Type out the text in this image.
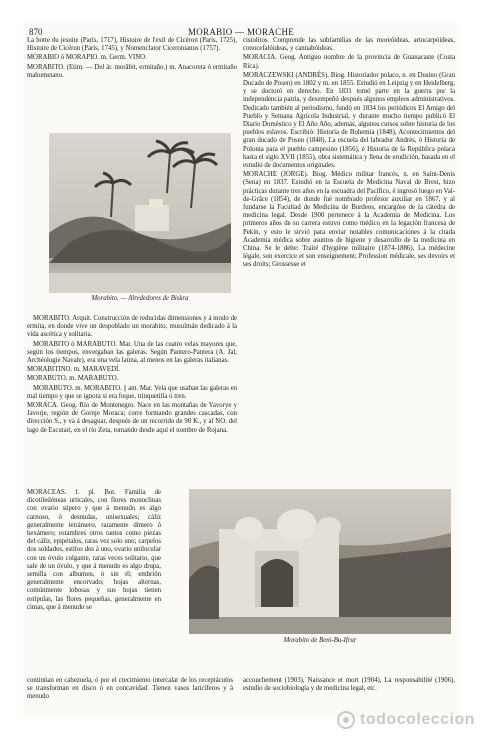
870	MORABIO — MORACHE

La botte du jesuite (París, 1717), Histoire de l'exil de Cicéron (París, 1725), Histoire de Cicéron (París, 1745), y Nomenclator Ciceronianus (1757).

MORABIO ó MORAPIO. m. Germ. VINO.

MORABITO. (Etim. — Del ár. morâbit, ermitaño.) m. Anacoreta ó ermitaño mahometano.

Morabito. — Alrededores de Biskra

MORABITO. Arquit. Construcción de reducidas dimensiones y á modo de ermita, en donde vive un despoblado un morabito, musulmán dedicado á la vida ascética y solitaria.

MORABITO ó MARABUTO. Mar. Una de las cuatro velas mayores que, según los tiempos, envergaban las galeras. Según Pantero-Pantera (A. Jal, Archéologie Navale), era una vela latina, al menos en las galeras italianas.

MORABITINO. m. MARAVEDÍ.

MORABUTO. m. MARABUTO.

MORABUTO. m. MORABITO. || ant. Mar. Vela que usaban las galeras en mal tiempo y que se ignora si era foque, trinquetilla ó tren.

MORACA. Geog. Río de Montenegro. Nace en las montañas de Yavorye y Javorje, región de Gornje Moraca; corre formando grandes cascadas, con dirección S., y va á desaguar, después de un recorrido de 90 K., y al NO. del lago de Escutari, en el río Zeta, tomando desde aquí el nombre de Rojana.

MORÁCEAS. f. pl. Bot. Familia de dicotiledóneas urticales, con flores monoclinas con ovario súpero y que á menudo es algo carnoso, ó desnudas, unisexuales; cáliz generalmente tetrámero, raramente dímero ó hexámero; estambres otros tantos como piezas del cáliz, epipétalos, raras vez solo uno; carpelos dos soldados, estilos dos á uno, ovario unilocular con un óvulo colgante, raras veces solitario, que sale de un óvulo, y que á menudo es algo drupa, semilla con albumen, ó sin él; embrión generalmente encorvado; hojas alternas, comúnmente lobosas y sus hojas tienen estípulas, las flores pequeñas, generalmente en cimas, que á menudo se

cistolitos. Comprende las subfamilias de las moreóideas, artocarpóideas, conocefalóideas, y cannabóideas.

MORACIA. Geog. Antiguo nombre de la provincia de Guanacaste (Costa Rica).

MORACZEWSKI (ANDRÉS). Biog. Historiador polaco, n. en Dusino (Gran Ducado de Posen) en 1802 y m. en 1855. Estudió en Leipzig y en Heidelberg, y se doctoró en derecho. En 1831 tomó parte en la guerra por la independencia patria, y desempeñó después algunos empleos administrativos. Dedicado también al periodismo, fundó en 1834 los periódicos El Amigo del Pueblo y Semana Agrícola Industrial, y durante mucho tiempo publicó El Diario Doméstico y El Año Año, además, algunos cursos sobre historia de los pueblos eslavos. Escribió: Historia de Bohemia (1848), Acontecimientos del gran ducado de Posen (1848), La escuela del labrador Andrés, ó Historia de Polonia para el pueblo campesino (1856), é Historia de la República polaca hasta el siglo XVII (1855), obra sistemática y llena de erudición, basada en el estudio de documentos originales.

MORACHE (JORGE). Biog. Médico militar francés, n. en Saint-Denis (Sena) en 1837. Estudió en la Escuela de Medicina Naval de Brest, hizo prácticas durante tres años en la escuadra del Pacífico, é ingresó luego en Val-de-Grâce (1854), de donde fué nombrado profesor auxiliar en 1867, y al fundarse la Facultad de Medicina de Burdeos, encargóse de la cátedra de medicina legal. Desde 1900 pertenece á la Academia de Medicina. Los primeros años de su carrera estuvo como médico en la legación francesa de Pekín, y esto le sirvió para enviar notables comunicaciones á la citada Academia médica sobre asuntos de higiene y desarrollo de la medicina en China. Se le debe: Traité d'hygiène militaire (1874-1886), La médecine légale, son exercice et son enseignement; Profession médicale, ses devoirs et ses droits; Grossesse et

Morabito de Beni-Bu-Ifrur

continúan en cabezuela, ó por el crecimiento intercalar de los receptáculos se transforman en disco ó en concavidad. Tienen vasos laticíferos y á menudo

accouchement (1903), Naissance et mort (1904), La responsabilité (1906), estudio de sociobiología y de medicina legal, etc.

todocoleccion
